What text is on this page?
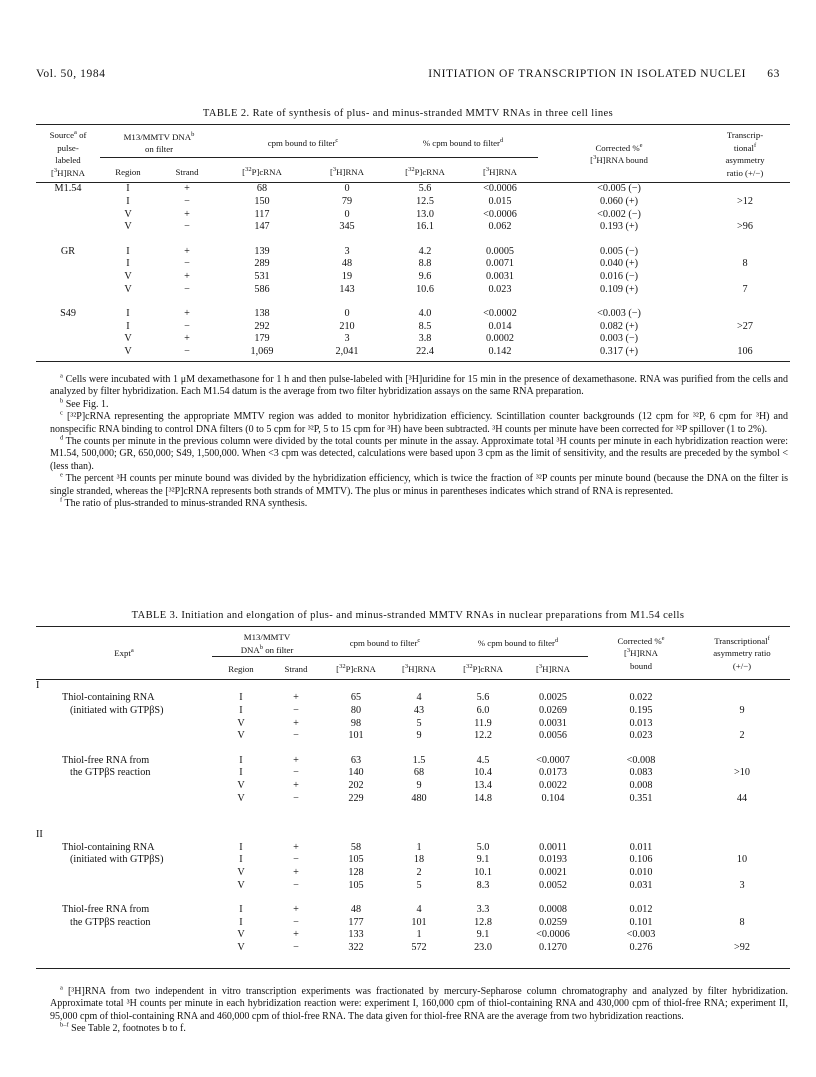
Vol. 50, 1984	INITIATION OF TRANSCRIPTION IN ISOLATED NUCLEI 63
TABLE 2. Rate of synthesis of plus- and minus-stranded MMTV RNAs in three cell lines

Source$^a$ of
pulse-
labeled
[$^3$H]RNA	M13/MMTV DNA$^b$
on filter		cpm bound to filter$^c$		% cpm bound to filter$^d$		Corrected %$^e$
[$^3$H]RNA bound	Transcrip-
tional$^f$
asymmetry
ratio (+/−)
	Region	Strand	[$^{32}$P]cRNA	[$^3$H]RNA	[$^{32}$P]cRNA	[$^3$H]RNA		

M1.54	I	+	68	0	5.6	<0.0006	<0.005 (−)	
	I	−	150	79	12.5	0.015	0.060 (+)	>12
	V	+	117	0	13.0	<0.0006	<0.002 (−)	
	V	−	147	345	16.1	0.062	0.193 (+)	>96

GR	I	+	139	3	4.2	0.0005	0.005 (−)	
	I	−	289	48	8.8	0.0071	0.040 (+)	8
	V	+	531	19	9.6	0.0031	0.016 (−)	
	V	−	586	143	10.6	0.023	0.109 (+)	7

S49	I	+	138	0	4.0	<0.0002	<0.003 (−)	
	I	−	292	210	8.5	0.014	0.082 (+)	>27
	V	+	179	3	3.8	0.0002	0.003 (−)	
	V	−	1,069	2,041	22.4	0.142	0.317 (+)	106

$^a$ Cells were incubated with 1 μM dexamethasone for 1 h and then pulse-labeled with [³H]uridine for 15 min in the presence of dexamethasone. RNA was purified from the cells and analyzed by filter hybridization. Each M1.54 datum is the average from two filter hybridization assays on the same RNA preparation.

$^b$ See Fig. 1.

$^c$ [³²P]cRNA representing the appropriate MMTV region was added to monitor hybridization efficiency. Scintillation counter backgrounds (12 cpm for ³²P, 6 cpm for ³H) and nonspecific RNA binding to control DNA filters (0 to 5 cpm for ³²P, 5 to 15 cpm for ³H) have been subtracted. ³H counts per minute have been corrected for ³²P spillover (1 to 2%).

$^d$ The counts per minute in the previous column were divided by the total counts per minute in the assay. Approximate total ³H counts per minute in each hybridization reaction were: M1.54, 500,000; GR, 650,000; S49, 1,500,000. When <3 cpm was detected, calculations were based upon 3 cpm as the limit of sensitivity, and the results are preceded by the symbol < (less than).

$^e$ The percent ³H counts per minute bound was divided by the hybridization efficiency, which is twice the fraction of ³²P counts per minute bound (because the DNA on the filter is single stranded, whereas the [³²P]cRNA represents both strands of MMTV). The plus or minus in parentheses indicates which strand of RNA is represented.

$^f$ The ratio of plus-stranded to minus-stranded RNA synthesis.

TABLE 3. Initiation and elongation of plus- and minus-stranded MMTV RNAs in nuclear preparations from M1.54 cells

Expt$^a$	M13/MMTV
DNA$^b$ on filter		cpm bound to filter$^c$		% cpm bound to filter$^d$		Corrected %$^e$
[$^3$H]RNA
bound	Transcriptional$^f$
asymmetry ratio
(+/−)
	Region	Strand	[$^{32}$P]cRNA	[$^3$H]RNA	[$^{32}$P]cRNA	[$^3$H]RNA		

I								
Thiol-containing RNA	I	+	65	4	5.6	0.0025	0.022	
(initiated with GTPβS)	I	−	80	43	6.0	0.0269	0.195	9
	V	+	98	5	11.9	0.0031	0.013	
	V	−	101	9	12.2	0.0056	0.023	2

Thiol-free RNA from	I	+	63	1.5	4.5	<0.0007	<0.008	
the GTPβS reaction	I	−	140	68	10.4	0.0173	0.083	>10
	V	+	202	9	13.4	0.0022	0.008	
	V	−	229	480	14.8	0.104	0.351	44

II								
Thiol-containing RNA	I	+	58	1	5.0	0.0011	0.011	
(initiated with GTPβS)	I	−	105	18	9.1	0.0193	0.106	10
	V	+	128	2	10.1	0.0021	0.010	
	V	−	105	5	8.3	0.0052	0.031	3

Thiol-free RNA from	I	+	48	4	3.3	0.0008	0.012	
the GTPβS reaction	I	−	177	101	12.8	0.0259	0.101	8
	V	+	133	1	9.1	<0.0006	<0.003	
	V	−	322	572	23.0	0.1270	0.276	>92

$^a$ [³H]RNA from two independent in vitro transcription experiments was fractionated by mercury-Sepharose column chromatography and analyzed by filter hybridization. Approximate total ³H counts per minute in each hybridization reaction were: experiment I, 160,000 cpm of thiol-containing RNA and 430,000 cpm of thiol-free RNA; experiment II, 95,000 cpm of thiol-containing RNA and 460,000 cpm of thiol-free RNA. The data given for thiol-free RNA are the average from two hybridization reactions.

$^{b-f}$ See Table 2, footnotes b to f.
